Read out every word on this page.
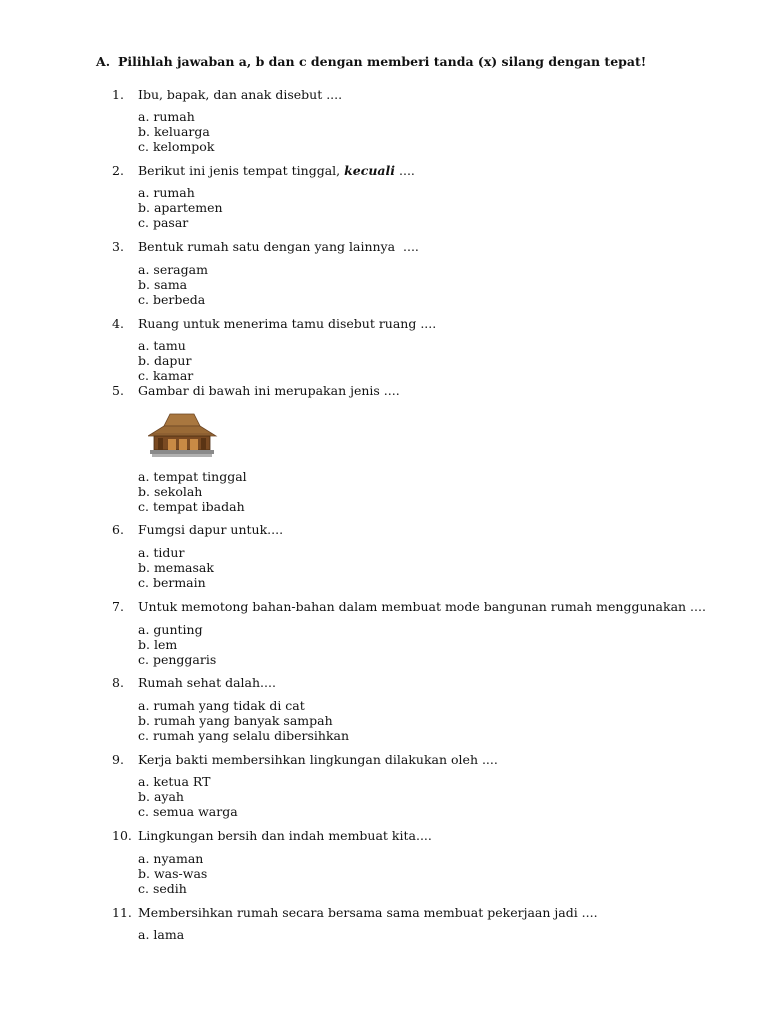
A. Pilihlah jawaban a, b dan c dengan memberi tanda (x) silang dengan tepat!
1. Ibu, bapak, dan anak disebut ....
a. rumah
b. keluarga
c. kelompok
2. Berikut ini jenis tempat tinggal, kecuali ....
a. rumah
b. apartemen
c. pasar
3. Bentuk rumah satu dengan yang lainnya  ....
a. seragam
b. sama
c. berbeda
4. Ruang untuk menerima tamu disebut ruang ....
a. tamu
b. dapur
c. kamar
5. Gambar di bawah ini merupakan jenis ....
a. tempat tinggal
b. sekolah
c. tempat ibadah
6. Fumgsi dapur untuk....
a. tidur
b. memasak
c. bermain
7. Untuk memotong bahan-bahan dalam membuat mode bangunan rumah menggunakan ....
a. gunting
b. lem
c. penggaris
8. Rumah sehat dalah....
a. rumah yang tidak di cat
b. rumah yang banyak sampah
c. rumah yang selalu dibersihkan
9. Kerja bakti membersihkan lingkungan dilakukan oleh ....
a. ketua RT
b. ayah
c. semua warga
10. Lingkungan bersih dan indah membuat kita....
a. nyaman
b. was-was
c. sedih
11. Membersihkan rumah secara bersama sama membuat pekerjaan jadi ....
a. lama
